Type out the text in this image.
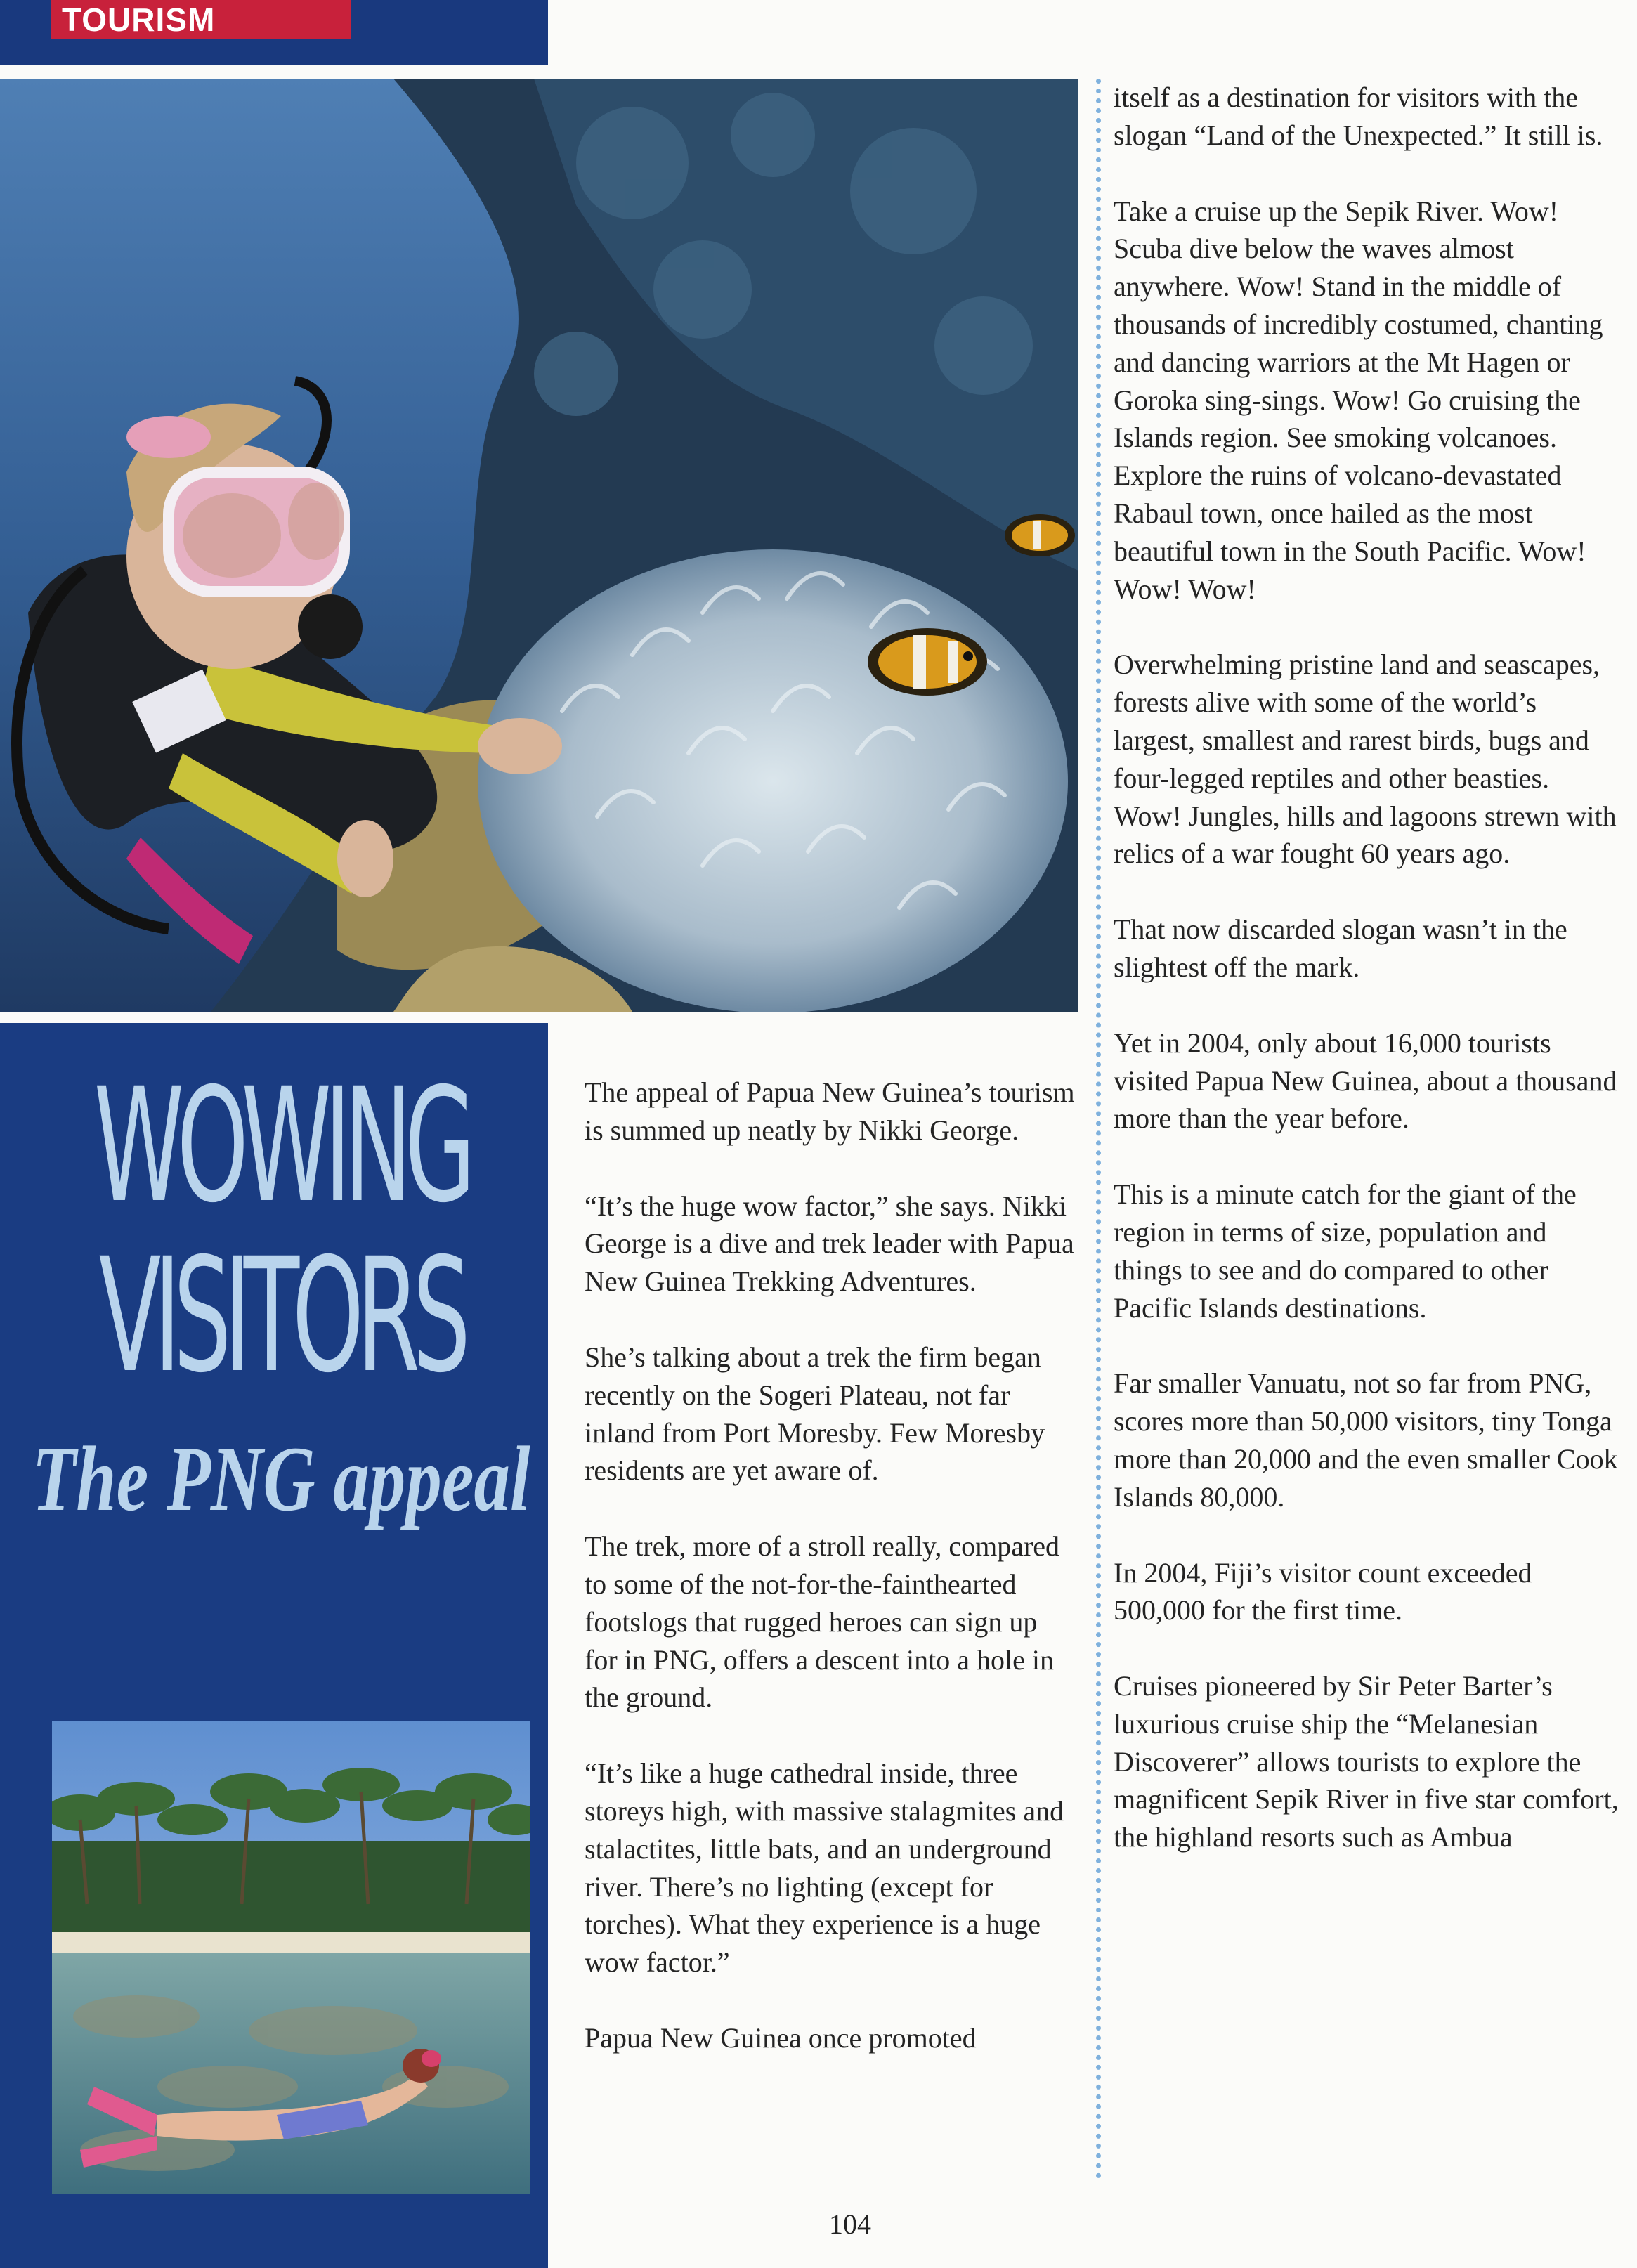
TOURISM
WOWING
VISITORS
The PNG appeal

The appeal of Papua New Guinea’s tourism is summed up neatly by Nikki George.

“It’s the huge wow factor,” she says. Nikki George is a dive and trek leader with Papua New Guinea Trekking Adventures.

She’s talking about a trek the firm began recently on the Sogeri Plateau, not far inland from Port Moresby. Few Moresby residents are yet aware of.

The trek, more of a stroll really, compared to some of the not-for-the-fainthearted footslogs that rugged heroes can sign up for in PNG, offers a descent into a hole in the ground.

“It’s like a huge cathedral inside, three storeys high, with massive stalagmites and stalactites, little bats, and an underground river. There’s no lighting (except for torches). What they experience is a huge wow factor.”

Papua New Guinea once promoted

itself as a destination for visitors with the slogan “Land of the Unexpected.” It still is.

Take a cruise up the Sepik River. Wow! Scuba dive below the waves almost anywhere. Wow! Stand in the middle of thousands of incredibly costumed, chanting and dancing warriors at the Mt Hagen or Goroka sing-sings. Wow! Go cruising the Islands region. See smoking volcanoes. Explore the ruins of volcano-devastated Rabaul town, once hailed as the most beautiful town in the South Pacific. Wow! Wow! Wow!

Overwhelming pristine land and seascapes, forests alive with some of the world’s largest, smallest and rarest birds, bugs and four-legged reptiles and other beasties. Wow! Jungles, hills and lagoons strewn with relics of a war fought 60 years ago.

That now discarded slogan wasn’t in the slightest off the mark.

Yet in 2004, only about 16,000 tourists visited Papua New Guinea, about a thousand more than the year before.

This is a minute catch for the giant of the region in terms of size, population and things to see and do compared to other Pacific Islands destinations.

Far smaller Vanuatu, not so far from PNG, scores more than 50,000 visitors, tiny Tonga more than 20,000 and the even smaller Cook Islands 80,000.

In 2004, Fiji’s visitor count exceeded 500,000 for the first time.

Cruises pioneered by Sir Peter Barter’s luxurious cruise ship the “Melanesian Discoverer” allows tourists to explore the magnificent Sepik River in five star comfort, the highland resorts such as Ambua

104
